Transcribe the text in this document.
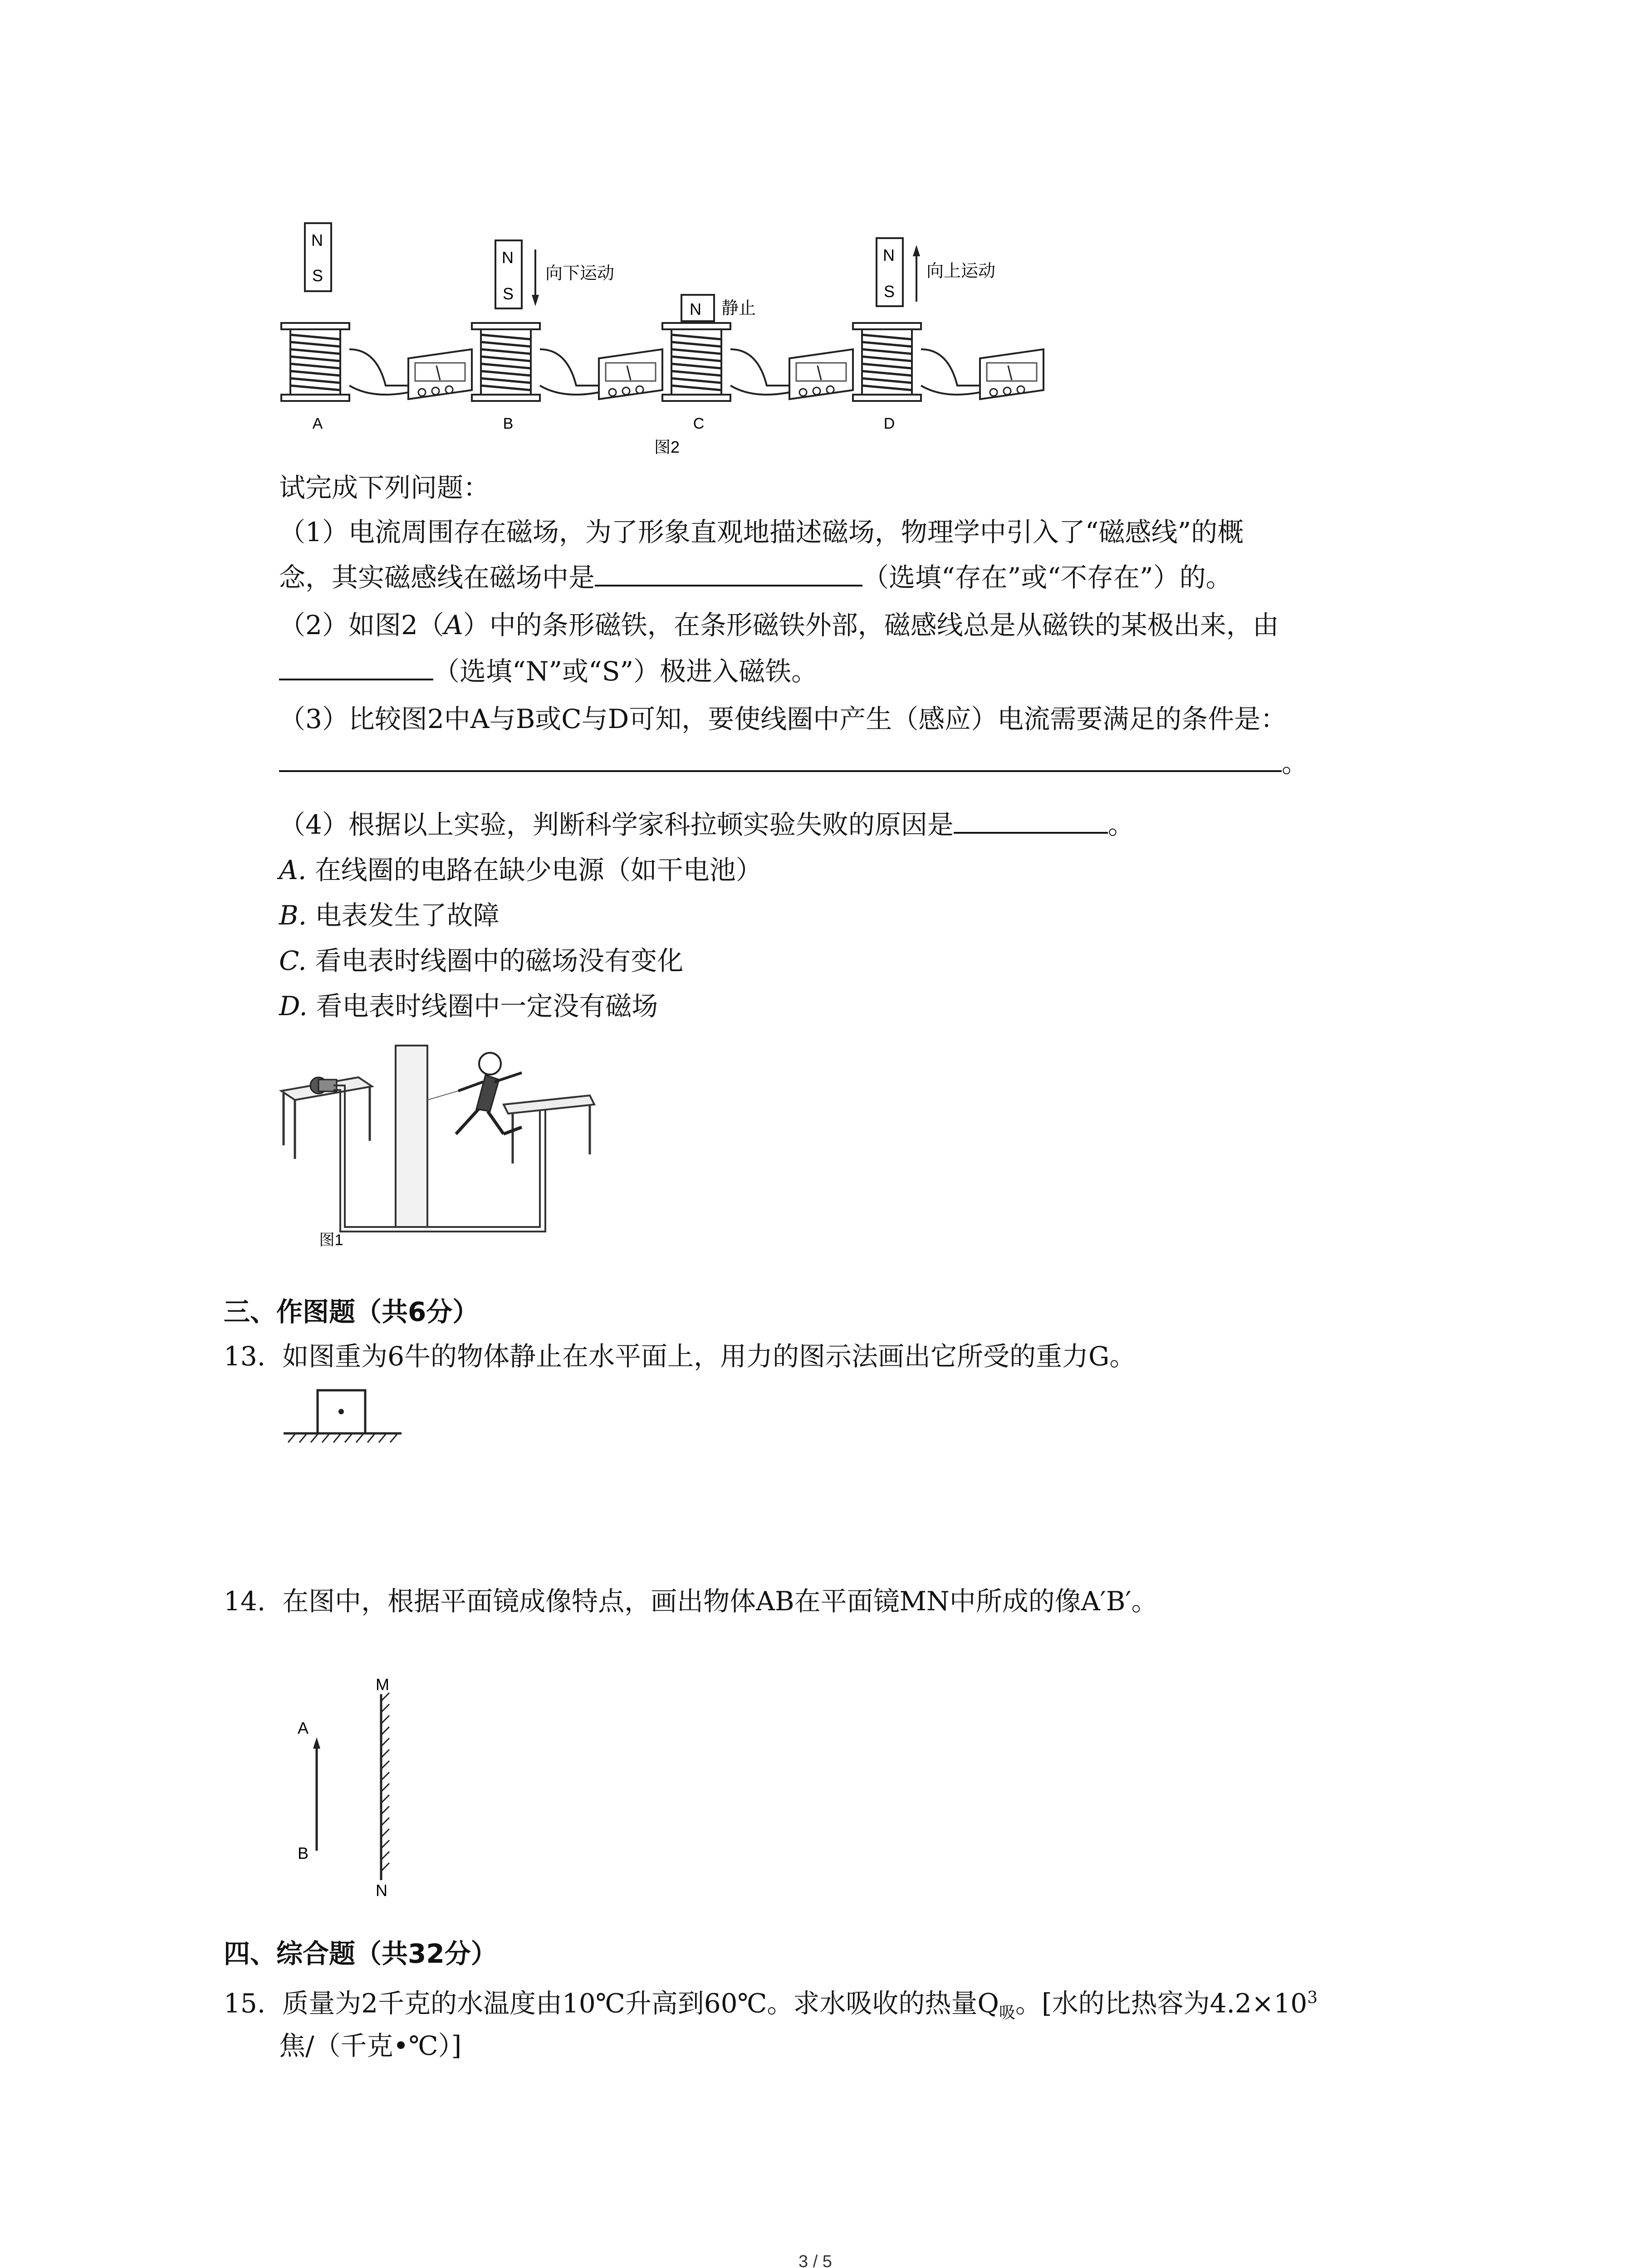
N
S
A
N
S
向下运动
B
N 静止
C
N
S
向上运动
D
图2
试完成下列问题：
（1）电流周围存在磁场，为了形象直观地描述磁场，物理学中引入了“磁感线”的概
念，其实磁感线在磁场中是	（选填“存在”或“不存在”）的。
（2）如图2（A）中的条形磁铁，在条形磁铁外部，磁感线总是从磁铁的某极出来，由
（选填“N”或“S”）极进入磁铁。
（3）比较图2中A与B或C与D可知，要使线圈中产生（感应）电流需要满足的条件是：
。
（4）根据以上实验，判断科学家科拉顿实验失败的原因是	。
A. 在线圈的电路在缺少电源（如干电池）
B. 电表发生了故障
C. 看电表时线圈中的磁场没有变化
D. 看电表时线圈中一定没有磁场
图1
三、作图题（共6分）
13. 如图重为6牛的物体静止在水平面上，用力的图示法画出它所受的重力G。
14. 在图中，根据平面镜成像特点，画出物体AB在平面镜MN中所成的像A′B′。
M
N
A
B
四、综合题（共32分）
15. 质量为2千克的水温度由10℃升高到60℃。求水吸收的热量$Q_吸$。[水的比热容为$4.2\times 10^3$
焦/（千克•℃）]
3 / 5
